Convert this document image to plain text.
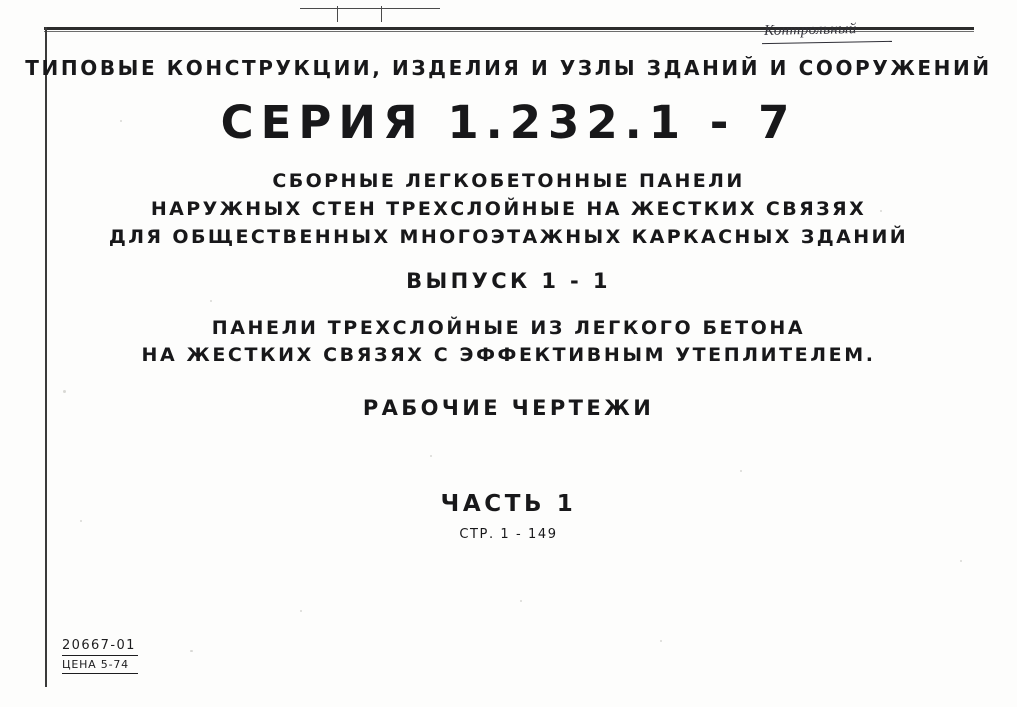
Контрольный
ТИПОВЫЕ КОНСТРУКЦИИ, ИЗДЕЛИЯ И УЗЛЫ ЗДАНИЙ И СООРУЖЕНИЙ
СЕРИЯ 1.232.1 - 7
СБОРНЫЕ ЛЕГКОБЕТОННЫЕ ПАНЕЛИ
НАРУЖНЫХ СТЕН ТРЕХСЛОЙНЫЕ НА ЖЕСТКИХ СВЯЗЯХ
ДЛЯ ОБЩЕСТВЕННЫХ МНОГОЭТАЖНЫХ КАРКАСНЫХ ЗДАНИЙ
ВЫПУСК 1 - 1
ПАНЕЛИ ТРЕХСЛОЙНЫЕ ИЗ ЛЕГКОГО БЕТОНА
НА ЖЕСТКИХ СВЯЗЯХ С ЭФФЕКТИВНЫМ УТЕПЛИТЕЛЕМ.
РАБОЧИЕ ЧЕРТЕЖИ
ЧАСТЬ 1
СТР. 1 - 149
20667-01
ЦЕНА 5-74
